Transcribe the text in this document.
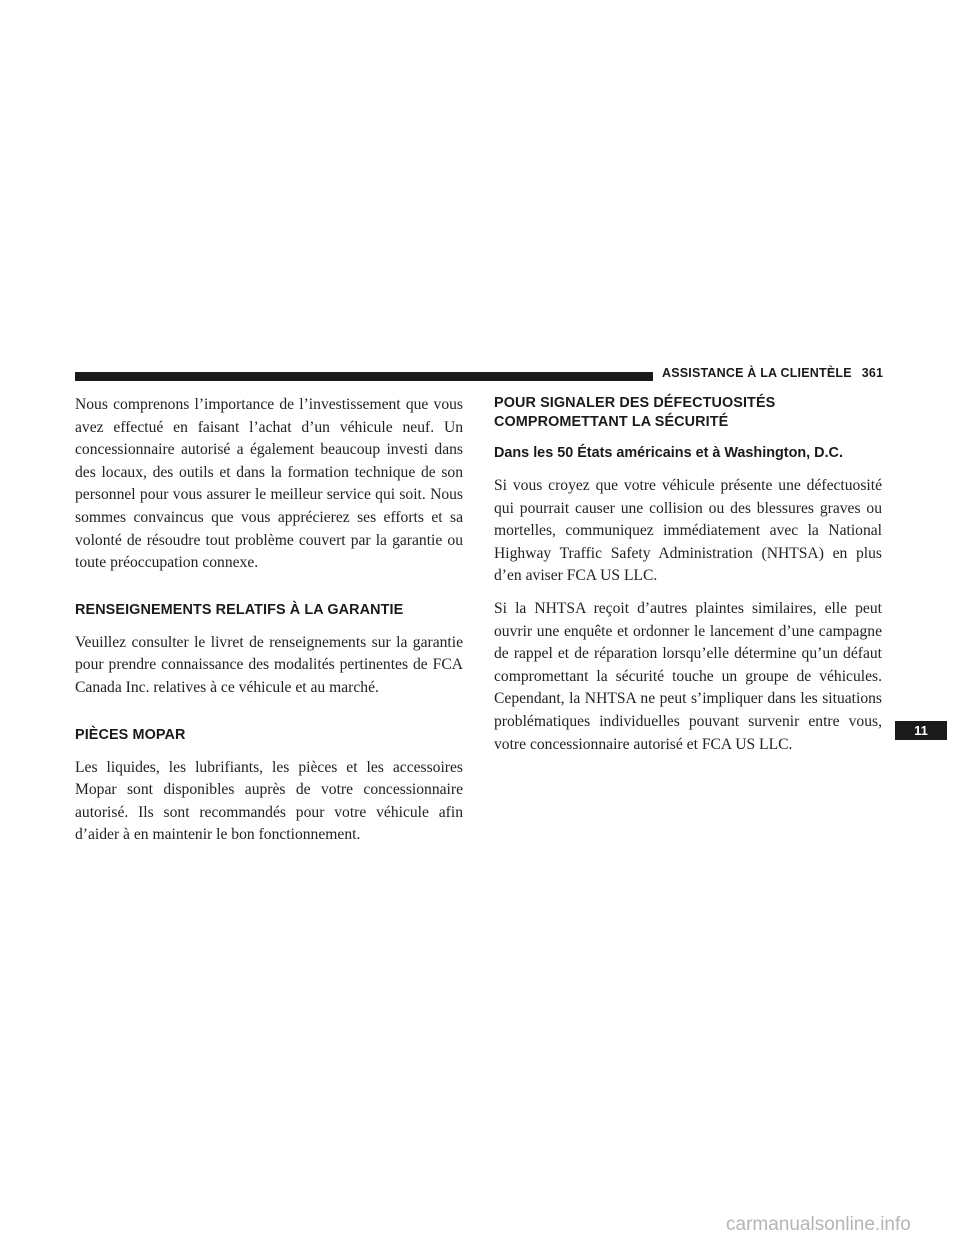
ASSISTANCE À LA CLIENTÈLE 361

Nous comprenons l’importance de l’investissement que vous avez effectué en faisant l’achat d’un véhicule neuf. Un concessionnaire autorisé a également beaucoup investi dans des locaux, des outils et dans la formation technique de son personnel pour vous assurer le meilleur service qui soit. Nous sommes convaincus que vous apprécierez ses efforts et sa volonté de résoudre tout problème couvert par la garantie ou toute préoccupation connexe.

RENSEIGNEMENTS RELATIFS À LA GARANTIE

Veuillez consulter le livret de renseignements sur la garantie pour prendre connaissance des modalités pertinentes de FCA Canada Inc. relatives à ce véhicule et au marché.

PIÈCES MOPAR

Les liquides, les lubrifiants, les pièces et les accessoires Mopar sont disponibles auprès de votre concessionnaire autorisé. Ils sont recommandés pour votre véhicule afin d’aider à en maintenir le bon fonctionnement.

POUR SIGNALER DES DÉFECTUOSITÉS
COMPROMETTANT LA SÉCURITÉ
Dans les 50 États américains et à Washington, D.C.

Si vous croyez que votre véhicule présente une défectuosité qui pourrait causer une collision ou des blessures graves ou mortelles, communiquez immédiatement avec la National Highway Traffic Safety Administration (NHTSA) en plus d’en aviser FCA US LLC.

Si la NHTSA reçoit d’autres plaintes similaires, elle peut ouvrir une enquête et ordonner le lancement d’une campagne de rappel et de réparation lorsqu’elle détermine qu’un défaut compromettant la sécurité touche un groupe de véhicules. Cependant, la NHTSA ne peut s’impliquer dans les situations problématiques individuelles pouvant survenir entre vous, votre concessionnaire autorisé et FCA US LLC.

11
carmanualsonline.info
